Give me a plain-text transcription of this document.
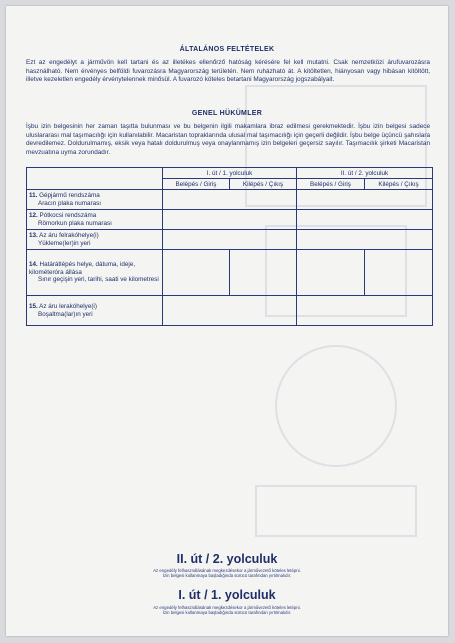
ÁLTALÁNOS FELTÉTELEK
Ezt az engedélyt a járművön kell tartani és az illetékes ellenőrző hatóság kérésére fel kell mutatni. Csak nemzetközi árufuvarozásra használható. Nem érvényes belföldi fuvarozásra Magyarország területén. Nem ruházható át. A kitöltetlen, hiányosan vagy hibásan kitöltött, illetve kezeletlen engedély érvénytelennek minősül. A fuvarozó köteles betartani Magyarország jogszabályait.
GENEL HÜKÜMLER
İşbu izin belgesinin her zaman taşıtta bulunması ve bu belgenin ilgili makamlara ibraz edilmesi gerekmektedir. İşbu izin belgesi sadece uluslararası mal taşımacılığı için kullanılabilir. Macaristan topraklarında ulusal mal taşımacılığı için geçerli değildir. İşbu belge üçüncü şahıslara devredilemez. Doldurulmamış, eksik veya hatalı doldurulmuş veya onaylanmamış izin belgeleri geçersiz sayılır. Taşımacılık şirketi Macaristan mevzuatına uyma zorundadır.
	I. út / 1. yolculuk		II. út / 2. yolculuk	
	Belépés / Giriş	Kilépés / Çıkış	Belépés / Giriş	Kilépés / Çıkış
11. Gépjármű rendszáma
Aracın plaka numarası				
12. Pótkocsi rendszáma
Römorkun plaka numarası				
13. Az áru felrakóhelye(i)
Yükleme(ler)in yeri				
14. Határátlépés helye, dátuma, ideje, kilométeróra állása
Sınır geçişin yeri, tarihi, saati ve kilometresi				
15. Az áru lerakóhelye(i)
Boşaltma(lar)ın yeri				
II. út / 2. yolculuk
Az engedély felhasználásának megkezdésekor a járművezető köteles letépni.
İzin belgesi kullanmaya başladığında sürücü tarafından yırtılmalıdır.
I. út / 1. yolculuk
Az engedély felhasználásának megkezdésekor a járművezető köteles letépni.
İzin belgesi kullanmaya başladığında sürücü tarafından yırtılmalıdır.
